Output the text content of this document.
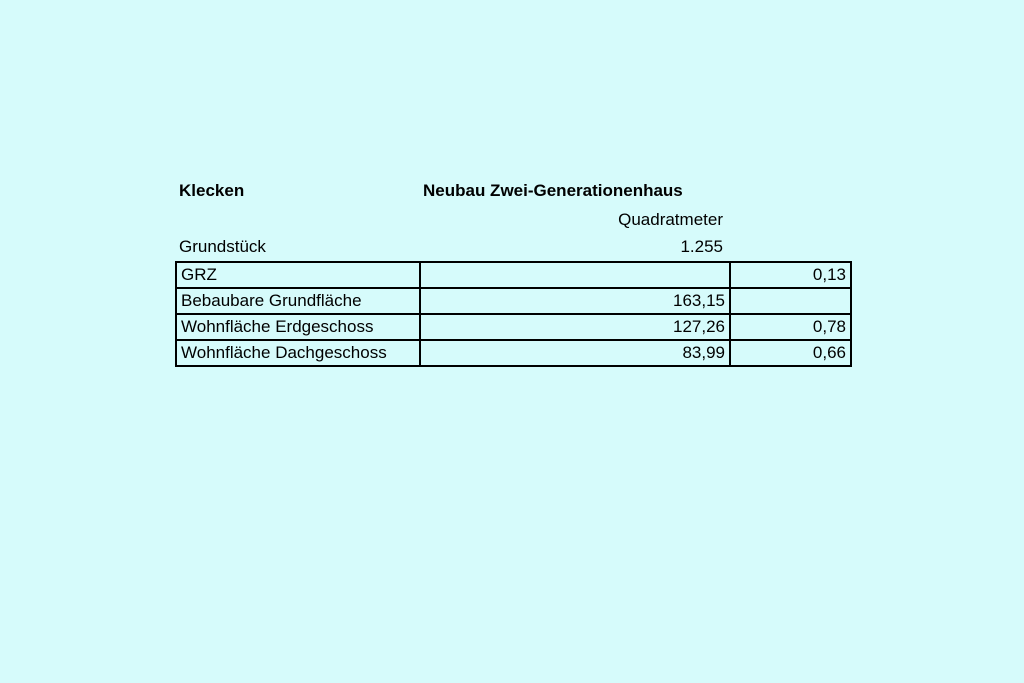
Klecken	Neubau Zwei-Generationenhaus
Quadratmeter
Grundstück	1.255
GRZ		0,13
Bebaubare Grundfläche	163,15	
Wohnfläche Erdgeschoss	127,26	0,78
Wohnfläche Dachgeschoss	83,99	0,66
